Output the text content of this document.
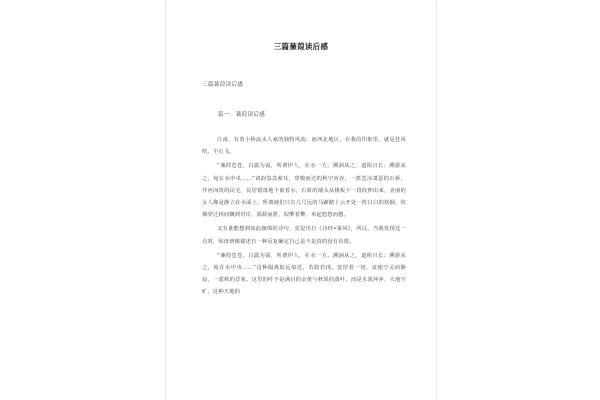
三篇蒹葭读后感
三篇蒹葭读后感
篇一：蒹葭读后感

江南，有着小桥流水人家的独特风韵，而西北地区，在我的印象里，就是狂风吹，尘石飞。

“蒹葭苍苍，白露为霜，所谓伊人，在水一方。溯洄从之，道阻且长；溯游从之，宛在水中央……”词韵袅袅萦耳，穿梭而过的秋空河谷，一派苍凉萧瑟的石桥，伴河而筑的民宅，民居错落地下嵌着水，石阶的墙头从楼板下一段段伸出来，美丽的女人像是静立在水面上，所离她们只有几尺远的马蹄踏上云开处一阵白白的炊烟，炊烟穿过林间飘到对岸，源源而泄，似擎着攀，举起悠悠而想。

又有谁能想到如此缠绵的诗句，竟是出自《诗经•秦风》，所以，当我发现这一点时，惊讶到像描述自一种反复确定自己是不是真的没有看错。

“蒹葭苍苍，白露为霜，所谓伊人，在水一方。溯洄从之，道阻且长；溯游从之，宛在水中央……”这种隔离似远似近，若隐若现。宽厚着一切，竟使空灵而静寂，一派秋的景象。这里的叶不是满目的金黄与秋果的落叶，而是水波萍萍，天地空旷，这种天地的
